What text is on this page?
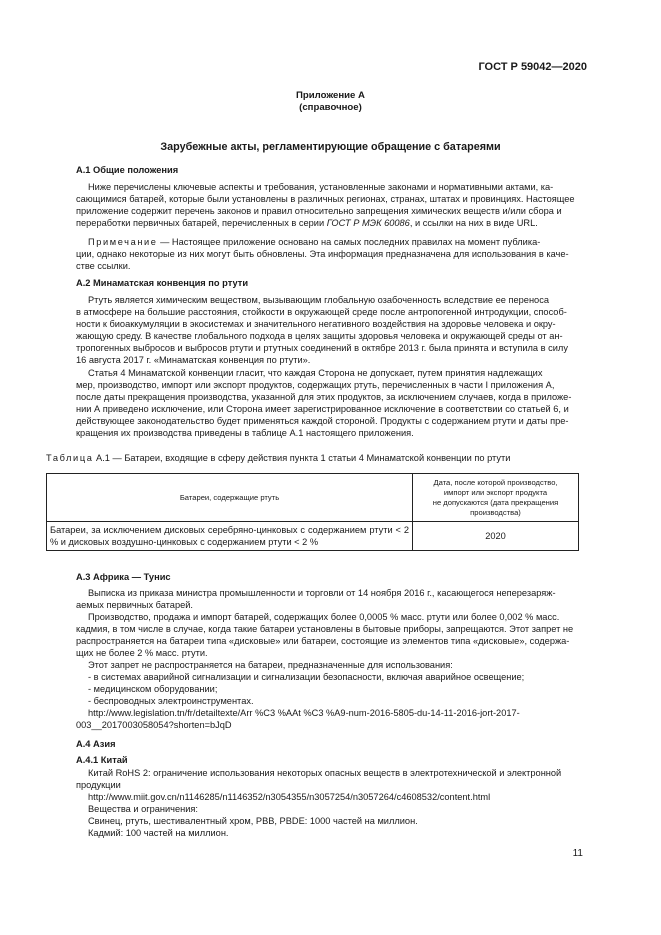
ГОСТ Р 59042—2020
Приложение А
(справочное)
Зарубежные акты, регламентирующие обращение с батареями
А.1 Общие положения
Ниже перечислены ключевые аспекты и требования, установленные законами и нормативными актами, ка-
сающимися батарей, которые были установлены в различных регионах, странах, штатах и провинциях. Настоящее
приложение содержит перечень законов и правил относительно запрещения химических веществ и/или сбора и
переработки первичных батарей, перечисленных в серии ГОСТ Р МЭК 60086, и ссылки на них в виде URL.
Примечание — Настоящее приложение основано на самых последних правилах на момент публика-
ции, однако некоторые из них могут быть обновлены. Эта информация предназначена для использования в каче-
стве ссылки.
А.2 Минаматская конвенция по ртути
Ртуть является химическим веществом, вызывающим глобальную озабоченность вследствие ее переноса
в атмосфере на большие расстояния, стойкости в окружающей среде после антропогенной интродукции, способ-
ности к биоаккумуляции в экосистемах и значительного негативного воздействия на здоровье человека и окру-
жающую среду. В качестве глобального подхода в целях защиты здоровья человека и окружающей среды от ан-
тропогенных выбросов и выбросов ртути и ртутных соединений в октябре 2013 г. была принята и вступила в силу
16 августа 2017 г. «Минаматская конвенция по ртути».
Статья 4 Минаматской конвенции гласит, что каждая Сторона не допускает, путем принятия надлежащих
мер, производство, импорт или экспорт продуктов, содержащих ртуть, перечисленных в части I приложения А,
после даты прекращения производства, указанной для этих продуктов, за исключением случаев, когда в приложе-
нии А приведено исключение, или Сторона имеет зарегистрированное исключение в соответствии со статьей 6, и
действующее законодательство будет применяться каждой стороной. Продукты с содержанием ртути и даты пре-
кращения их производства приведены в таблице А.1 настоящего приложения.
Таблица А.1 — Батареи, входящие в сферу действия пункта 1 статьи 4 Минаматской конвенции по ртути
Батареи, содержащие ртуть	Дата, после которой производство,
импорт или экспорт продукта
не допускаются (дата прекращения
производства)

Батареи, за исключением дисковых серебряно-цинковых с содержанием ртути < 2 % и дисковых воздушно-цинковых с содержанием ртути < 2 %	2020
А.3 Африка — Тунис
Выписка из приказа министра промышленности и торговли от 14 ноября 2016 г., касающегося неперезаряж-
аемых первичных батарей.
Производство, продажа и импорт батарей, содержащих более 0,0005 % масс. ртути или более 0,002 % масс.
кадмия, в том числе в случае, когда такие батареи установлены в бытовые приборы, запрещаются. Этот запрет не
распространяется на батареи типа «дисковые» или батареи, состоящие из элементов типа «дисковые», содержа-
щих не более 2 % масс. ртути.
Этот запрет не распространяется на батареи, предназначенные для использования:
- в системах аварийной сигнализации и сигнализации безопасности, включая аварийное освещение;
- медицинском оборудовании;
- беспроводных электроинструментах.
http://www.legislation.tn/fr/detailtexte/Arr %C3 %AAt %C3 %A9-num-2016-5805-du-14-11-2016-jort-2017-
003__2017003058054?shorten=bJqD
А.4 Азия
А.4.1 Китай
Китай RoHS 2: ограничение использования некоторых опасных веществ в электротехнической и электронной
продукции
http://www.miit.gov.cn/n1146285/n1146352/n3054355/n3057254/n3057264/c4608532/content.html
Вещества и ограничения:
Свинец, ртуть, шестивалентный хром, PBB, PBDE: 1000 частей на миллион.
Кадмий: 100 частей на миллион.
11
